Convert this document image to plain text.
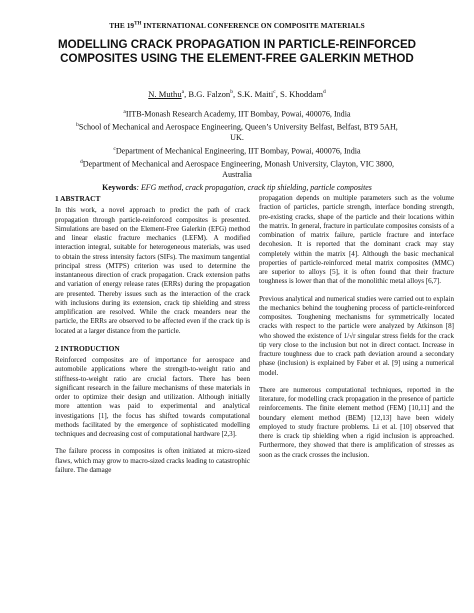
THE 19TH INTERNATIONAL CONFERENCE ON COMPOSITE MATERIALS
MODELLING CRACK PROPAGATION IN PARTICLE-REINFORCED COMPOSITES USING THE ELEMENT-FREE GALERKIN METHOD
N. Muthu$^a$, B.G. Falzon$^b$, S.K. Maiti$^c$, S. Khoddam$^d$
$^a$IITB-Monash Research Academy, IIT Bombay, Powai, 400076, India
$^b$School of Mechanical and Aerospace Engineering, Queen’s University Belfast, Belfast, BT9 5AH, UK.
$^c$Department of Mechanical Engineering, IIT Bombay, Powai, 400076, India
$^d$Department of Mechanical and Aerospace Engineering, Monash University, Clayton, VIC 3800, Australia
Keywords: EFG method, crack propagation, crack tip shielding, particle composites
1 ABSTRACT

In this work, a novel approach to predict the path of crack propagation through particle-reinforced composites is presented. Simulations are based on the Element-Free Galerkin (EFG) method and linear elastic fracture mechanics (LEFM). A modified interaction integral, suitable for heterogeneous materials, was used to obtain the stress intensity factors (SIFs). The maximum tangential principal stress (MTPS) criterion was used to determine the instantaneous direction of crack propagation. Crack extension paths and variation of energy release rates (ERRs) during the propagation are presented. Thereby issues such as the interaction of the crack with inclusions during its extension, crack tip shielding and stress amplification are resolved. While the crack meanders near the particle, the ERRs are observed to be affected even if the crack tip is located at a larger distance from the particle.

2 INTRODUCTION

Reinforced composites are of importance for aerospace and automobile applications where the strength-to-weight ratio and stiffness-to-weight ratio are crucial factors. There has been significant research in the failure mechanisms of these materials in order to optimize their design and utilization. Although initially more attention was paid to experimental and analytical investigations [1], the focus has shifted towards computational methods facilitated by the emergence of sophisticated modelling techniques and decreasing cost of computational hardware [2,3].

The failure process in composites is often initiated at micro-sized flaws, which may grow to macro-sized cracks leading to catastrophic failure. The damage

propagation depends on multiple parameters such as the volume fraction of particles, particle strength, interface bonding strength, pre-existing cracks, shape of the particle and their locations within the matrix. In general, fracture in particulate composites consists of a combination of matrix failure, particle fracture and interface decohesion. It is reported that the dominant crack may stay completely within the matrix [4]. Although the basic mechanical properties of particle-reinforced metal matrix composites (MMC) are superior to alloys [5], it is often found that their fracture toughness is lower than that of the monolithic metal alloys [6,7].

Previous analytical and numerical studies were carried out to explain the mechanics behind the toughening process of particle-reinforced composites. Toughening mechanisms for symmetrically located cracks with respect to the particle were analyzed by Atkinson [8] who showed the existence of 1/√r singular stress fields for the crack tip very close to the inclusion but not in direct contact. Increase in fracture toughness due to crack path deviation around a secondary phase (inclusion) is explained by Faber et al. [9] using a numerical model.

There are numerous computational techniques, reported in the literature, for modelling crack propagation in the presence of particle reinforcements. The finite element method (FEM) [10,11] and the boundary element method (BEM) [12,13] have been widely employed to study fracture problems. Li et al. [10] observed that there is crack tip shielding when a rigid inclusion is approached. Furthermore, they showed that there is amplification of stresses as soon as the crack crosses the inclusion.
